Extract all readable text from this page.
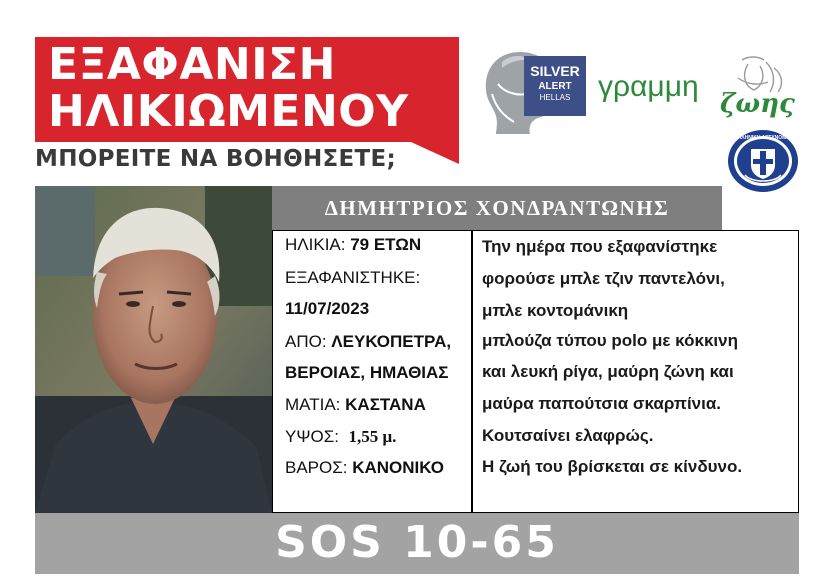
ΕΞΑΦΑΝΙΣΗ
ΗΛΙΚΙΩΜΕΝΟΥ
ΜΠΟΡΕΙΤΕ ΝΑ ΒΟΗΘΗΣΕΤΕ;
SILVER
ALERT
HELLAS γραμμη
ζωης
ΕΛΛΗΝΙΚΗ ΑΣΤΥΝΟΜΙΑ
ΔΗΜΗΤΡΙΟΣ ΧΟΝΔΡΑΝΤΩΝΗΣ
ΗΛΙΚΙΑ: 79 ΕΤΩΝ
ΕΞΑΦΑΝΙΣΤΗΚΕ:
11/07/2023
ΑΠΟ: ΛΕΥΚΟΠΕΤΡΑ,
ΒΕΡΟΙΑΣ, ΗΜΑΘΙΑΣ
ΜΑΤΙΑ: ΚΑΣΤΑΝΑ
ΥΨΟΣ:  1,55 μ.
ΒΑΡΟΣ: ΚΑΝΟΝΙΚΟ
Την ημέρα που εξαφανίστηκε
φορούσε μπλε τζιν παντελόνι,
μπλε κοντομάνικη
μπλούζα τύπου polo με κόκκινη
και λευκή ρίγα, μαύρη ζώνη και
μαύρα παπούτσια σκαρπίνια.
Κουτσαίνει ελαφρώς.
Η ζωή του βρίσκεται σε κίνδυνο.
SOS 10-65
